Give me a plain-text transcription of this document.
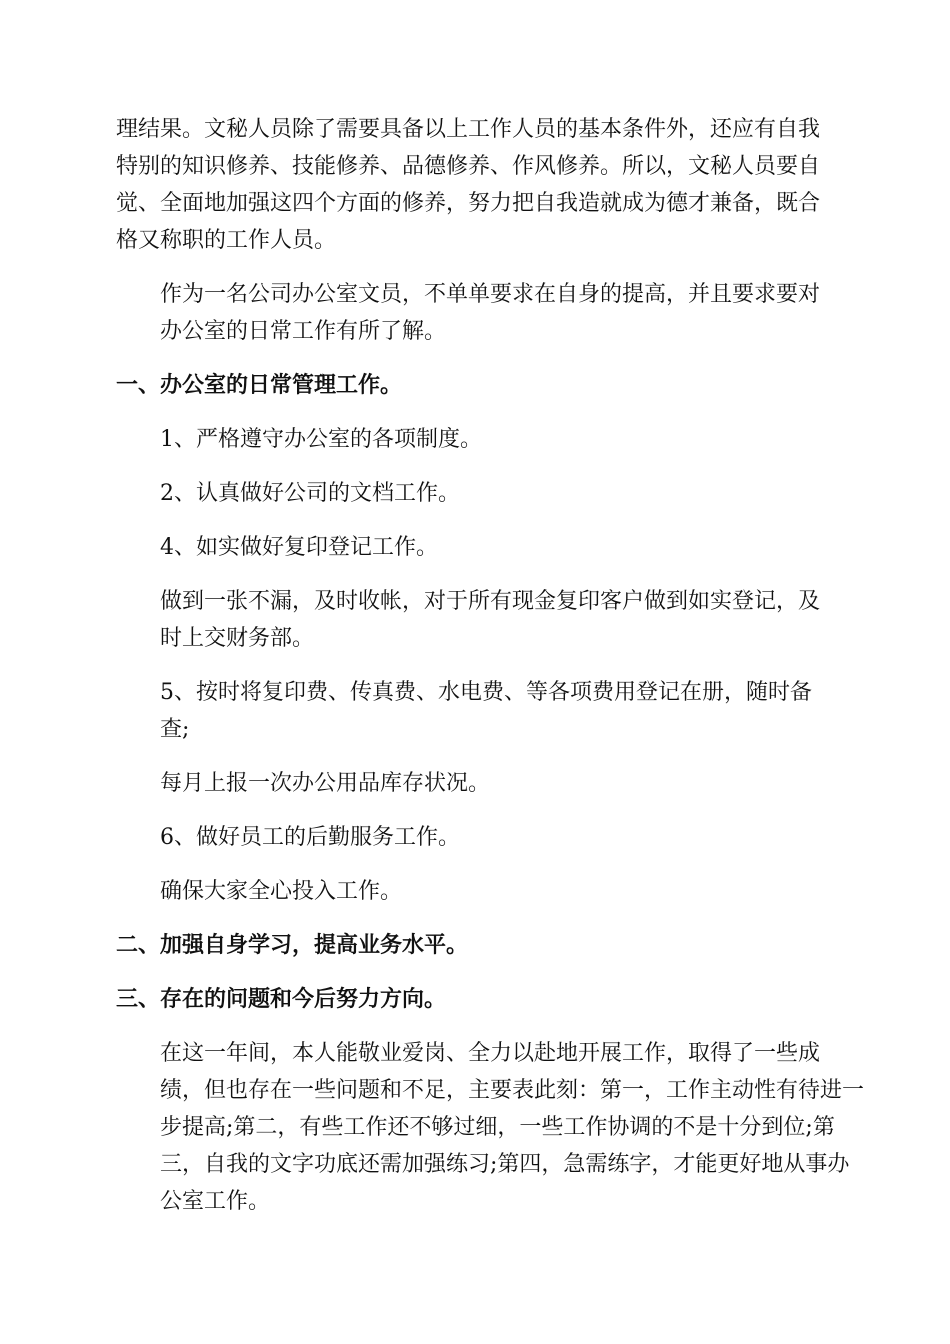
理结果。文秘人员除了需要具备以上工作人员的基本条件外，还应有自我
特别的知识修养、技能修养、品德修养、作风修养。所以，文秘人员要自
觉、全面地加强这四个方面的修养，努力把自我造就成为德才兼备，既合
格又称职的工作人员。

作为一名公司办公室文员，不单单要求在自身的提高，并且要求要对
办公室的日常工作有所了解。

一、办公室的日常管理工作。

1、严格遵守办公室的各项制度。

2、认真做好公司的文档工作。

4、如实做好复印登记工作。

做到一张不漏，及时收帐，对于所有现金复印客户做到如实登记，及
时上交财务部。

5、按时将复印费、传真费、水电费、等各项费用登记在册，随时备
查;

每月上报一次办公用品库存状况。

6、做好员工的后勤服务工作。

确保大家全心投入工作。

二、加强自身学习，提高业务水平。

三、存在的问题和今后努力方向。

在这一年间，本人能敬业爱岗、全力以赴地开展工作，取得了一些成
绩，但也存在一些问题和不足，主要表此刻：第一，工作主动性有待进一
步提高;第二，有些工作还不够过细，一些工作协调的不是十分到位;第
三，自我的文字功底还需加强练习;第四，急需练字，才能更好地从事办
公室工作。
